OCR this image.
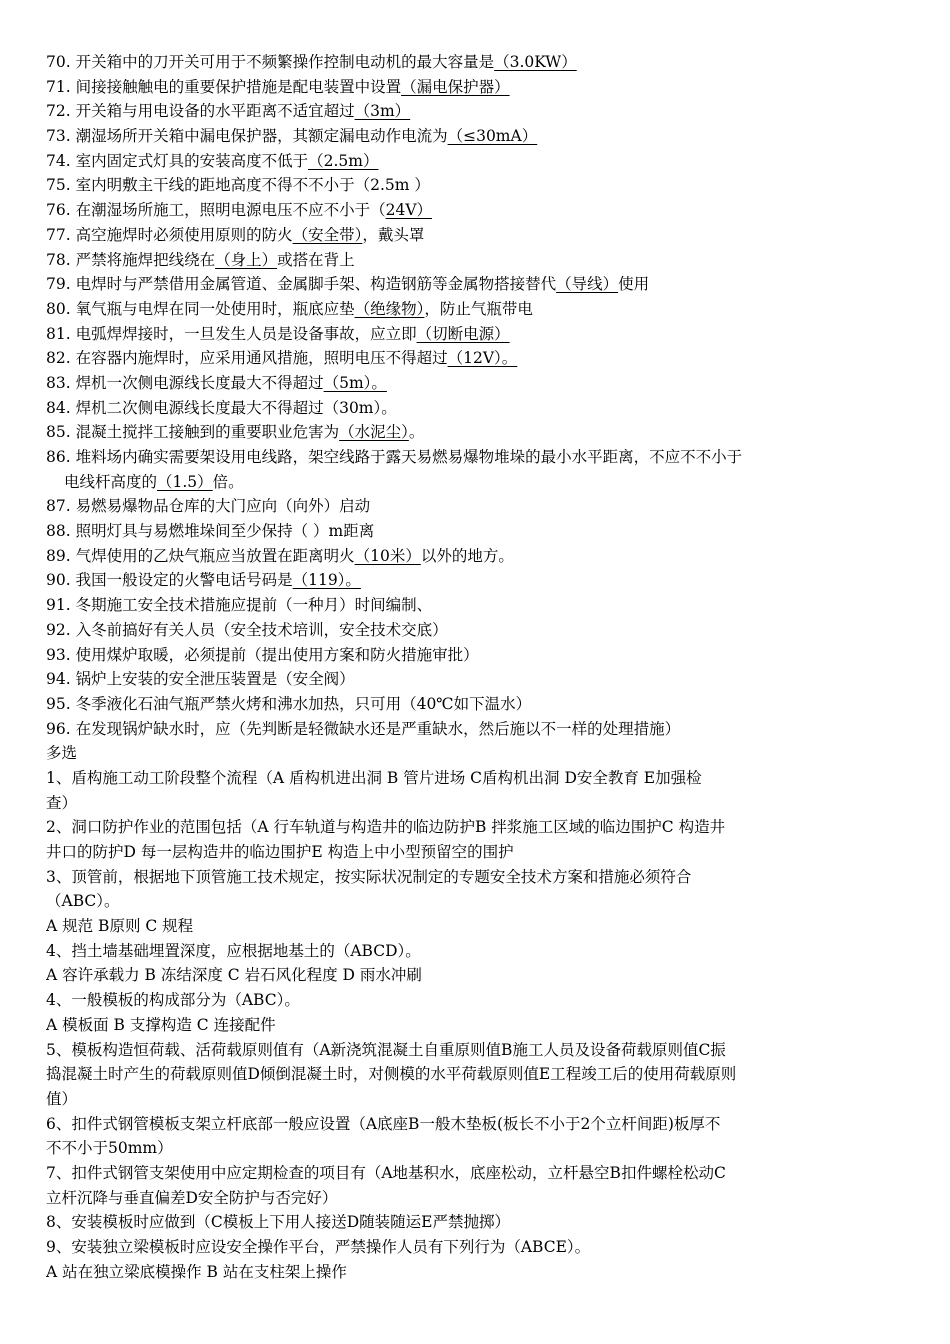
70. 开关箱中的刀开关可用于不频繁操作控制电动机的最大容量是（3.0KW）
71. 间接接触触电的重要保护措施是配电装置中设置（漏电保护器）
72. 开关箱与用电设备的水平距离不适宜超过（3m）
73. 潮湿场所开关箱中漏电保护器，其额定漏电动作电流为（≤30mA）
74. 室内固定式灯具的安装高度不低于（2.5m）
75. 室内明敷主干线的距地高度不得不不小于（2.5m ）
76. 在潮湿场所施工，照明电源电压不应不小于（24V）
77. 高空施焊时必须使用原则的防火（安全带），戴头罩
78. 严禁将施焊把线绕在（身上）或搭在背上
79. 电焊时与严禁借用金属管道、金属脚手架、构造钢筋等金属物搭接替代（导线）使用
80. 氧气瓶与电焊在同一处使用时，瓶底应垫（绝缘物），防止气瓶带电
81. 电弧焊焊接时，一旦发生人员是设备事故，应立即（切断电源）
82. 在容器内施焊时，应采用通风措施，照明电压不得超过（12V）。
83. 焊机一次侧电源线长度最大不得超过（5m）。
84. 焊机二次侧电源线长度最大不得超过（30m）。
85. 混凝土搅拌工接触到的重要职业危害为（水泥尘）。
86. 堆料场内确实需要架设用电线路，架空线路于露天易燃易爆物堆垛的最小水平距离，不应不不小于
电线杆高度的（1.5）倍。
87. 易燃易爆物品仓库的大门应向（向外）启动
88. 照明灯具与易燃堆垛间至少保持（ ）m距离
89. 气焊使用的乙炔气瓶应当放置在距离明火（10米）以外的地方。
90. 我国一般设定的火警电话号码是（119）。
91. 冬期施工安全技术措施应提前（一种月）时间编制、
92. 入冬前搞好有关人员（安全技术培训，安全技术交底）
93. 使用煤炉取暖，必须提前（提出使用方案和防火措施审批）
94. 锅炉上安装的安全泄压装置是（安全阀）
95. 冬季液化石油气瓶严禁火烤和沸水加热，只可用（40℃如下温水）
96. 在发现锅炉缺水时，应（先判断是轻微缺水还是严重缺水，然后施以不一样的处理措施）
多选
1、盾构施工动工阶段整个流程（A 盾构机进出洞 B 管片进场 C盾构机出洞 D安全教育 E加强检
查）
2、洞口防护作业的范围包括（A 行车轨道与构造井的临边防护B 拌浆施工区域的临边围护C 构造井
井口的防护D 每一层构造井的临边围护E 构造上中小型预留空的围护
3、顶管前，根据地下顶管施工技术规定，按实际状况制定的专题安全技术方案和措施必须符合
（ABC）。
A 规范 B原则 C 规程
4、挡土墙基础埋置深度，应根据地基土的（ABCD）。
A 容许承载力 B 冻结深度 C 岩石风化程度 D 雨水冲刷
4、一般模板的构成部分为（ABC）。
A 模板面 B 支撑构造 C 连接配件
5、模板构造恒荷载、活荷载原则值有（A新浇筑混凝土自重原则值B施工人员及设备荷载原则值C振
捣混凝土时产生的荷载原则值D倾倒混凝土时，对侧模的水平荷载原则值E工程竣工后的使用荷载原则
值）
6、扣件式钢管模板支架立杆底部一般应设置（A底座B一般木垫板(板长不小于2个立杆间距)板厚不
不不小于50mm）
7、扣件式钢管支架使用中应定期检查的项目有（A地基积水，底座松动，立杆悬空B扣件螺栓松动C
立杆沉降与垂直偏差D安全防护与否完好）
8、安装模板时应做到（C模板上下用人接送D随装随运E严禁抛掷）
9、安装独立梁模板时应设安全操作平台，严禁操作人员有下列行为（ABCE）。
A 站在独立梁底模操作 B 站在支柱架上操作
